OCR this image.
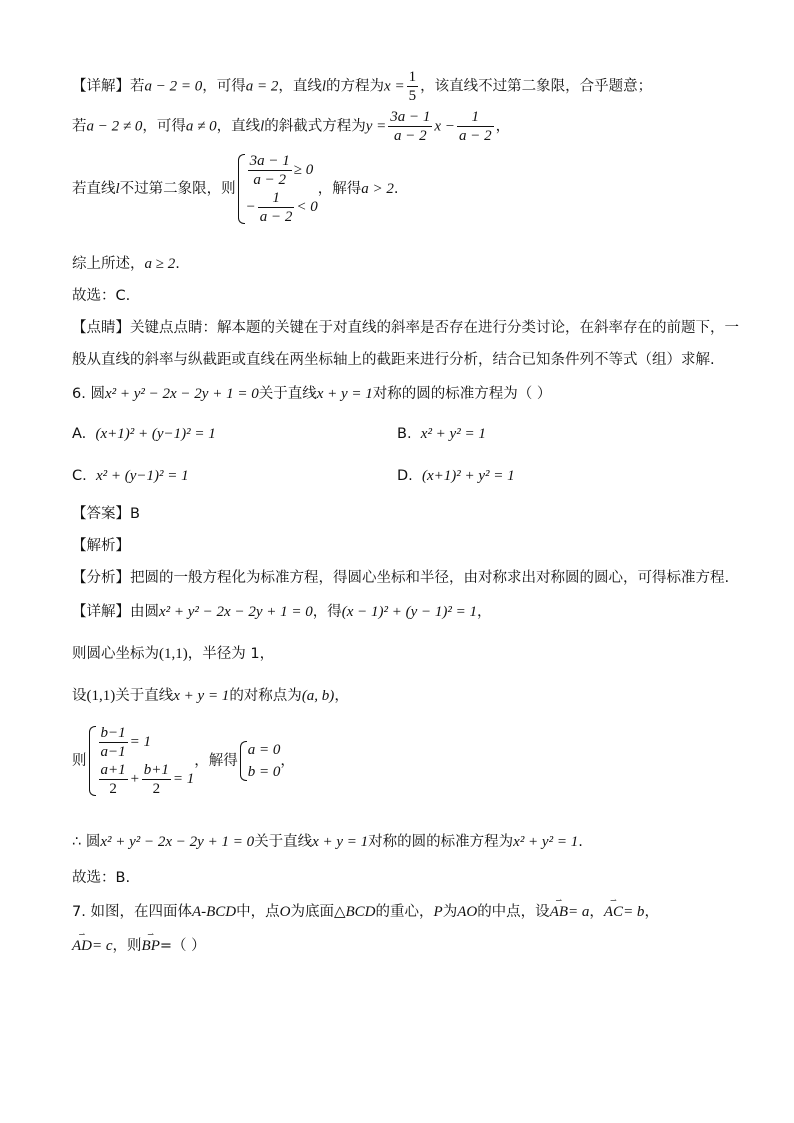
【详解】若a − 2 = 0，可得a = 2，直线l的方程为$x = \frac{1}{5}$ ，该直线不过第二象限，合乎题意；
若a − 2 ≠ 0，可得a ≠ 0，直线l的斜截式方程为$y = \frac{3a - 1}{a - 2}$ $x - \frac{1}{a - 2}$ ，
若直线l不过第二象限，则 $\frac{3a - 1}{a - 2} \ge 0$
− $\frac{1}{a - 2} < 0$
，解得a > 2.
综上所述，a ≥ 2.
故选：C.
【点睛】关键点点睛：解本题的关键在于对直线的斜率是否存在进行分类讨论，在斜率存在的前题下，一
般从直线的斜率与纵截距或直线在两坐标轴上的截距来进行分析，结合已知条件列不等式（组）求解.
6. 圆x² + y² − 2x − 2y + 1 = 0关于直线x + y = 1对称的圆的标准方程为（ ）
A. (x+1)² + (y−1)² = 1	B. x² + y² = 1
C. x² + (y−1)² = 1	D. (x+1)² + y² = 1
【答案】B
【解析】
【分析】把圆的一般方程化为标准方程，得圆心坐标和半径，由对称求出对称圆的圆心，可得标准方程.
【详解】由圆x² + y² − 2x − 2y + 1 = 0，得(x − 1)² + (y − 1)² = 1，
则圆心坐标为(1,1)，半径为 1，
设(1,1)关于直线x + y = 1的对称点为(a, b)，
则 $\frac{b-1}{a-1} = 1$
$\frac{a+1}{2} + \frac{b+1}{2} = 1$
，解得
a = 0
b = 0
，
∴ 圆x² + y² − 2x − 2y + 1 = 0关于直线x + y = 1对称的圆的标准方程为x² + y² = 1.
故选：B.
7. 如图，在四面体A-BCD中，点O为底面△BCD的重心，P为AO的中点，设⇀ AB= a，⇀ AC= b，
⇀ AD= c，则⇀ BP=（ ）
